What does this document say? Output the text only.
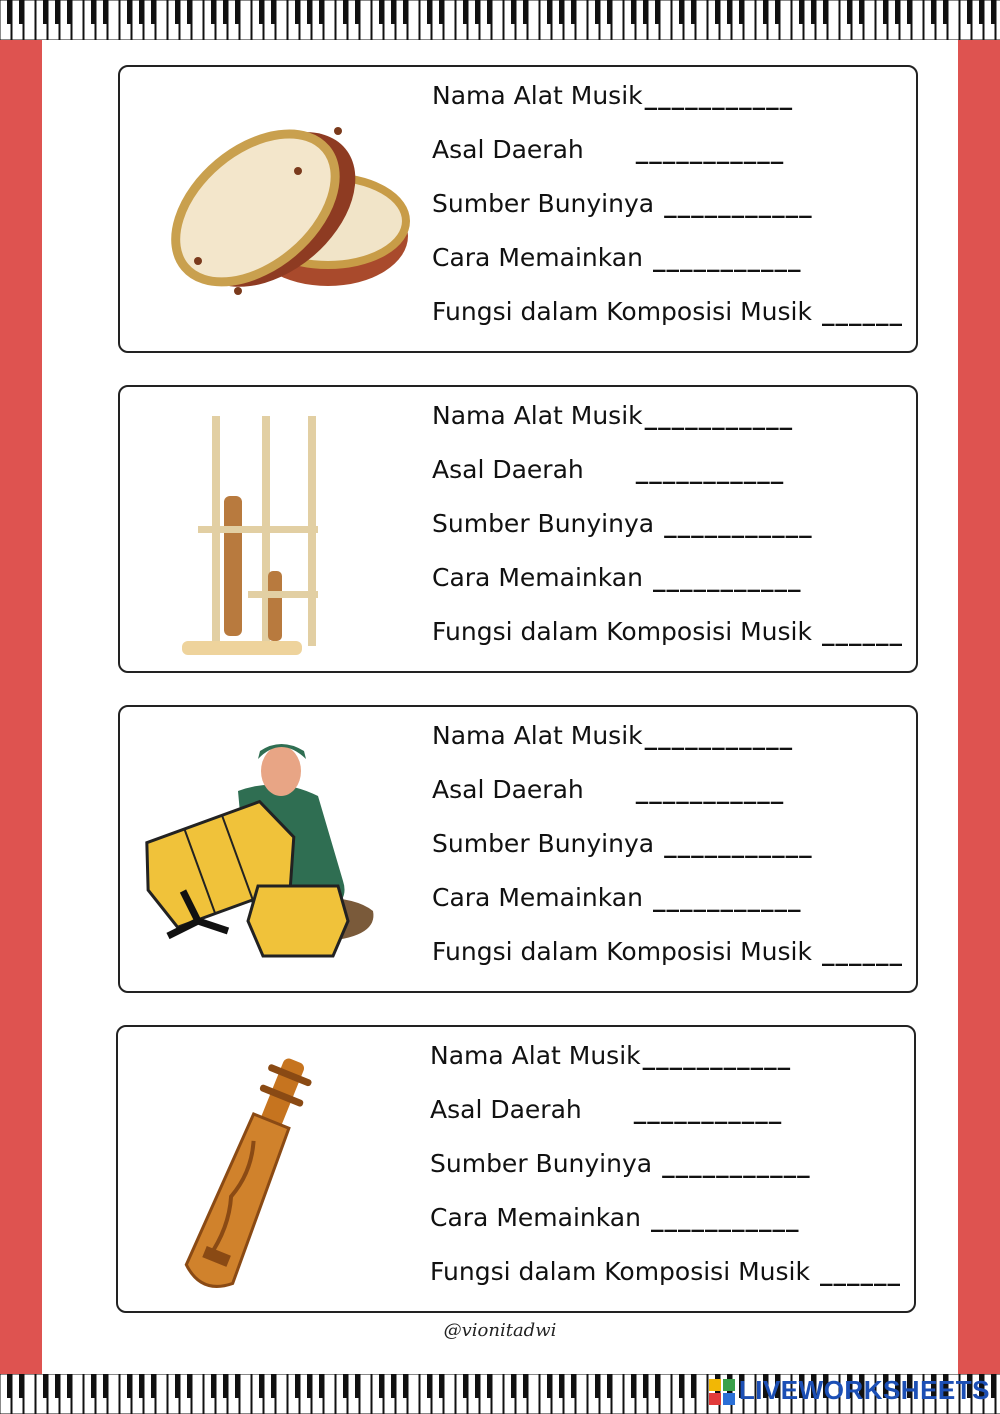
Nama Alat Musik ___________
Asal Daerah ___________
Sumber Bunyinya ___________
Cara Memainkan ___________
Fungsi dalam Komposisi Musik ______
Nama Alat Musik ___________
Asal Daerah ___________
Sumber Bunyinya ___________
Cara Memainkan ___________
Fungsi dalam Komposisi Musik ______
Nama Alat Musik ___________
Asal Daerah ___________
Sumber Bunyinya ___________
Cara Memainkan ___________
Fungsi dalam Komposisi Musik ______
Nama Alat Musik ___________
Asal Daerah ___________
Sumber Bunyinya ___________
Cara Memainkan ___________
Fungsi dalam Komposisi Musik ______
@vionitadwi
LIVEWORKSHEETS
